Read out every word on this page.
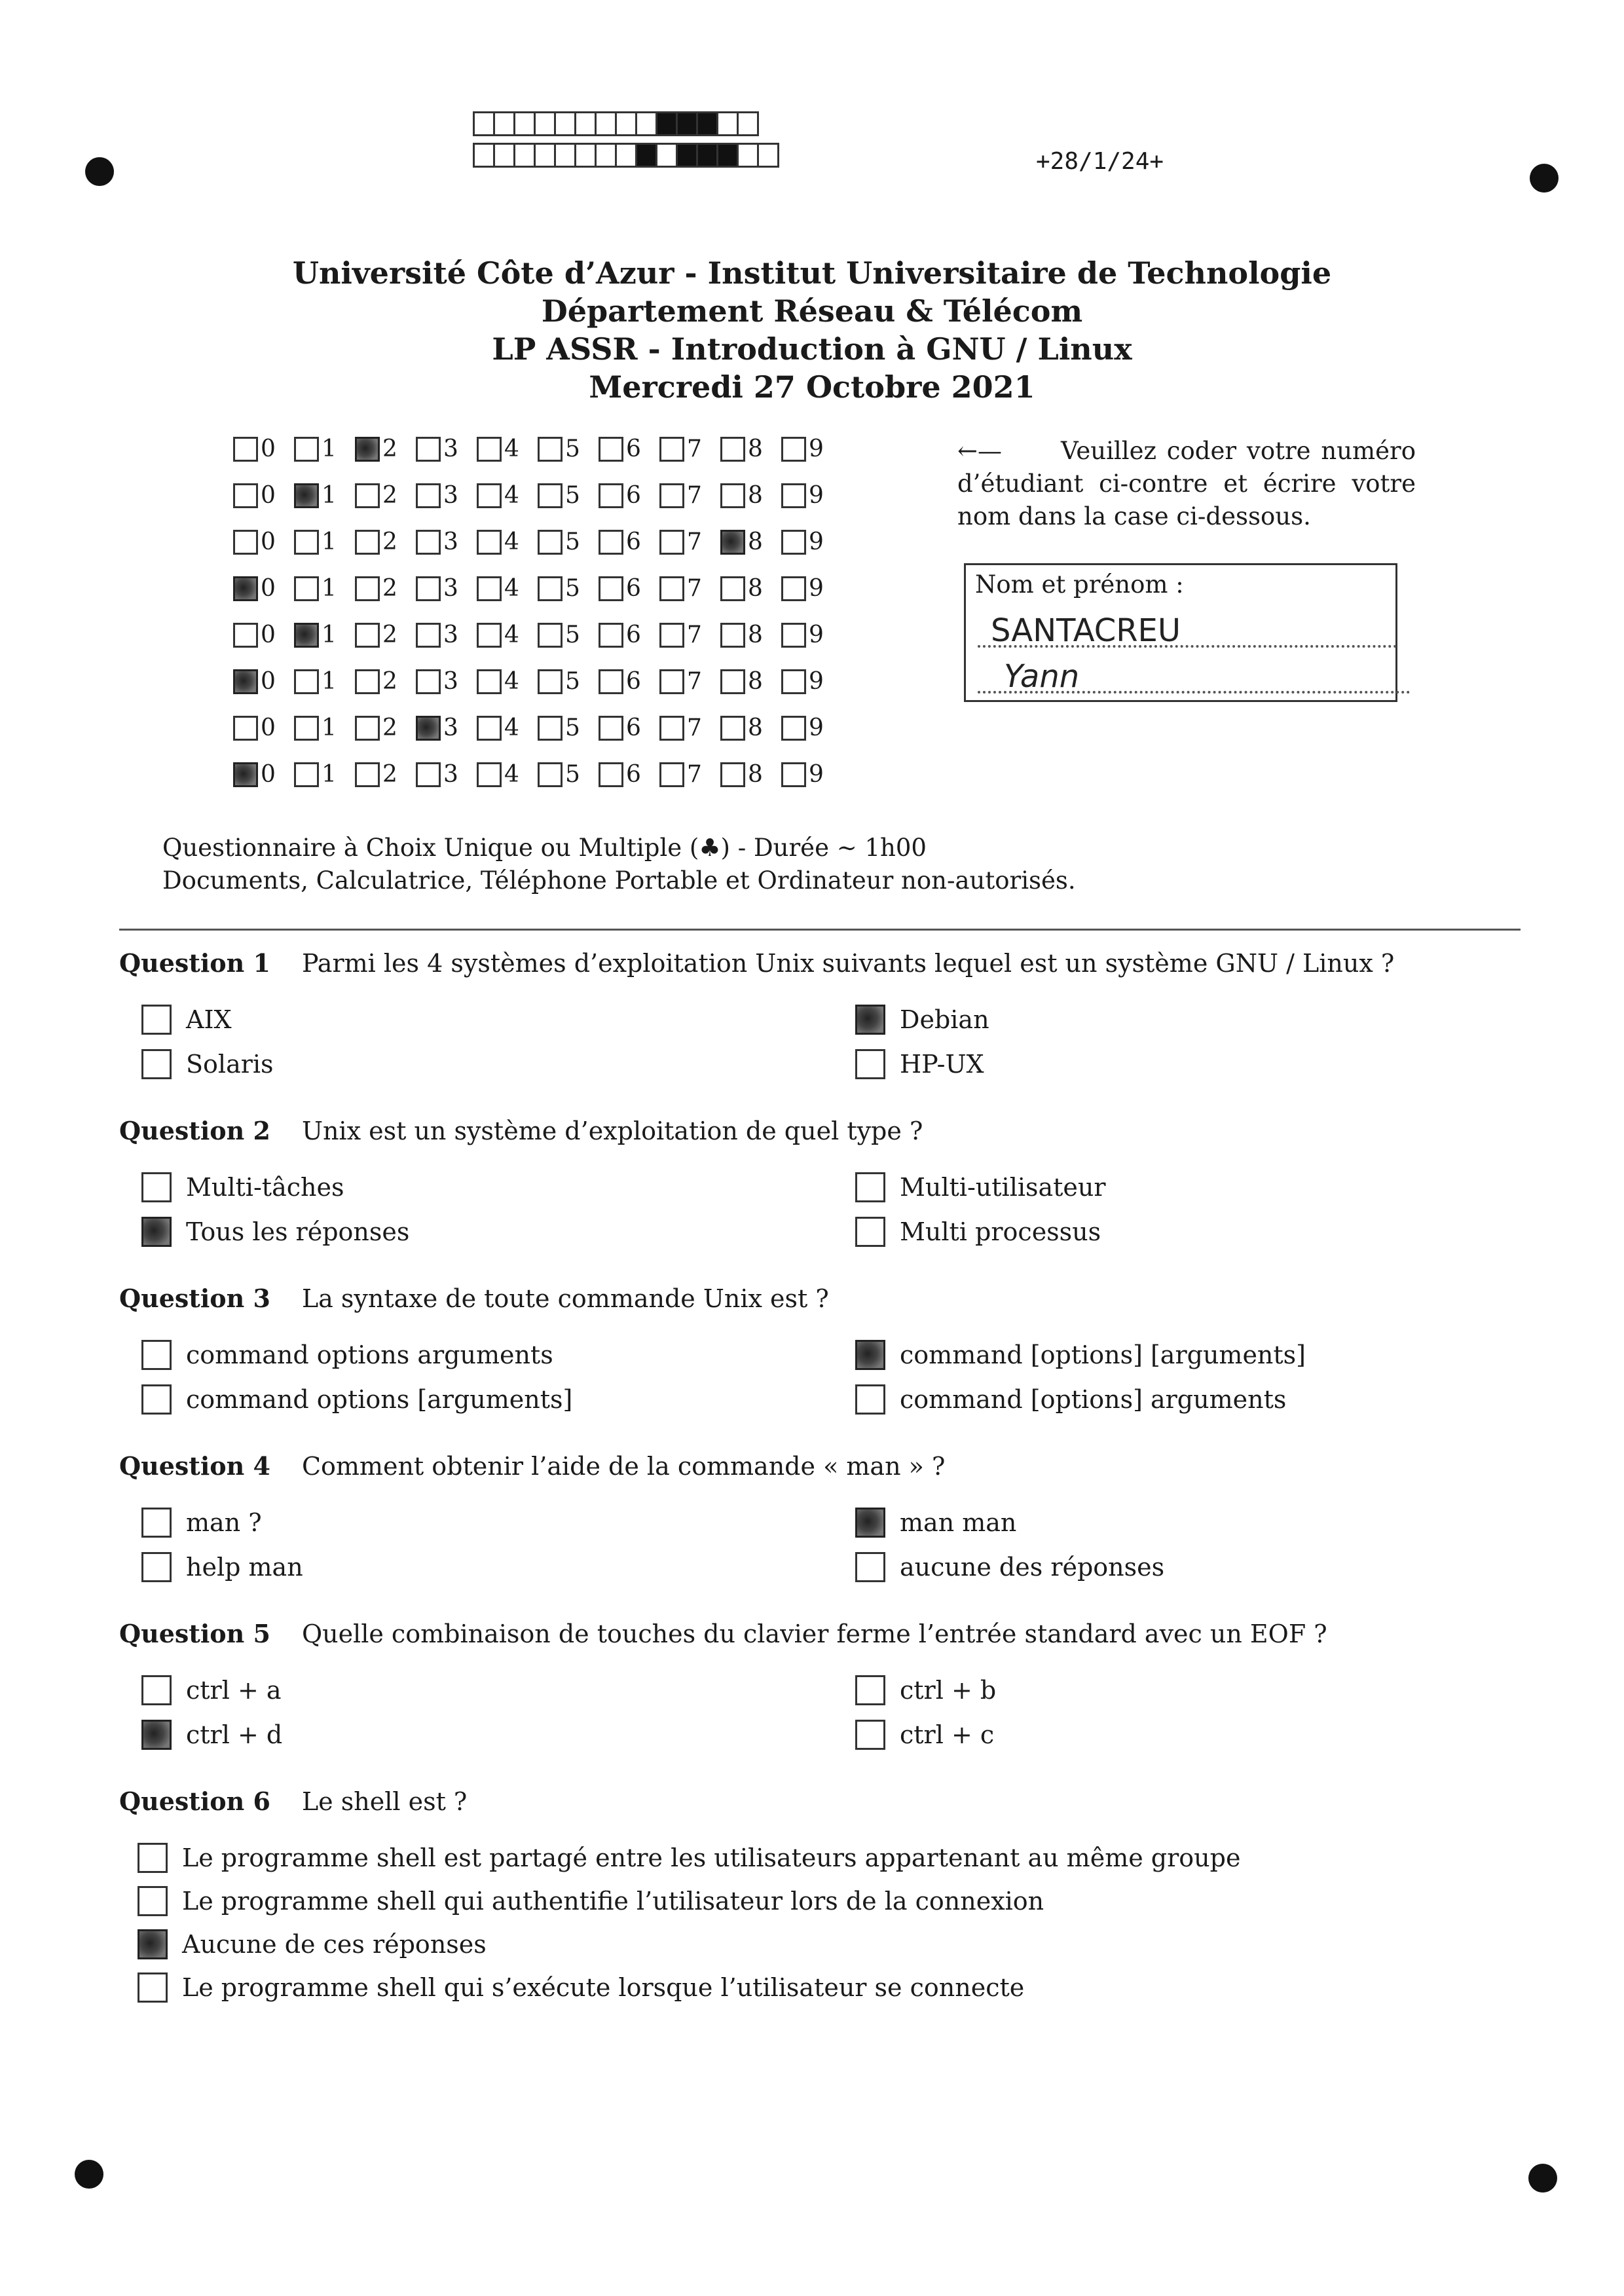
+28/1/24+
Université Côte d’Azur - Institut Universitaire de Technologie
Département Réseau & Télécom
LP ASSR - Introduction à GNU / Linux
Mercredi 27 Octobre 2021
0 1 2 3 4 5 6 7 8 9
0 1 2 3 4 5 6 7 8 9
0 1 2 3 4 5 6 7 8 9
0 1 2 3 4 5 6 7 8 9
0 1 2 3 4 5 6 7 8 9
0 1 2 3 4 5 6 7 8 9
0 1 2 3 4 5 6 7 8 9
0 1 2 3 4 5 6 7 8 9
←— Veuillez coder votre numéro d’étudiant ci-contre et écrire votre nom dans la case ci-dessous.
Nom et prénom :
SANTACREU
Yann
Questionnaire à Choix Unique ou Multiple (♣) - Durée ∼ 1h00
Documents, Calculatrice, Téléphone Portable et Ordinateur non-autorisés.
Question 1 Parmi les 4 systèmes d’exploitation Unix suivants lequel est un système GNU / Linux ?
AIX
Solaris
Debian
HP-UX
Question 2 Unix est un système d’exploitation de quel type ?
Multi-tâches
Tous les réponses
Multi-utilisateur
Multi processus
Question 3 La syntaxe de toute commande Unix est ?
command options arguments
command options [arguments]
command [options] [arguments]
command [options] arguments
Question 4 Comment obtenir l’aide de la commande « man » ?
man ?
help man
man man
aucune des réponses
Question 5 Quelle combinaison de touches du clavier ferme l’entrée standard avec un EOF ?
ctrl + a
ctrl + d
ctrl + b
ctrl + c
Question 6 Le shell est ?
Le programme shell est partagé entre les utilisateurs appartenant au même groupe
Le programme shell qui authentifie l’utilisateur lors de la connexion
Aucune de ces réponses
Le programme shell qui s’exécute lorsque l’utilisateur se connecte
